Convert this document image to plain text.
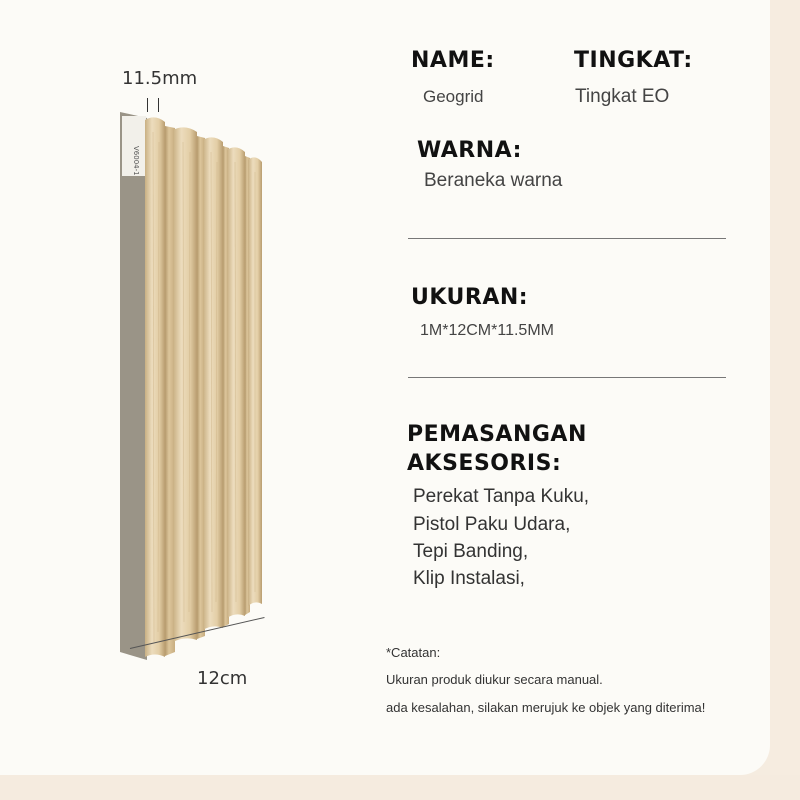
11.5mm
V6004-1
12cm
NAME:
Geogrid
TINGKAT:
Tingkat EO
WARNA:
Beraneka warna
UKURAN:
1M*12CM*11.5MM
PEMASANGAN
AKSESORIS:
Perekat Tanpa Kuku,
Pistol Paku Udara,
Tepi Banding,
Klip Instalasi,
*Catatan:
Ukuran produk diukur secara manual.
ada kesalahan, silakan merujuk ke objek yang diterima!
